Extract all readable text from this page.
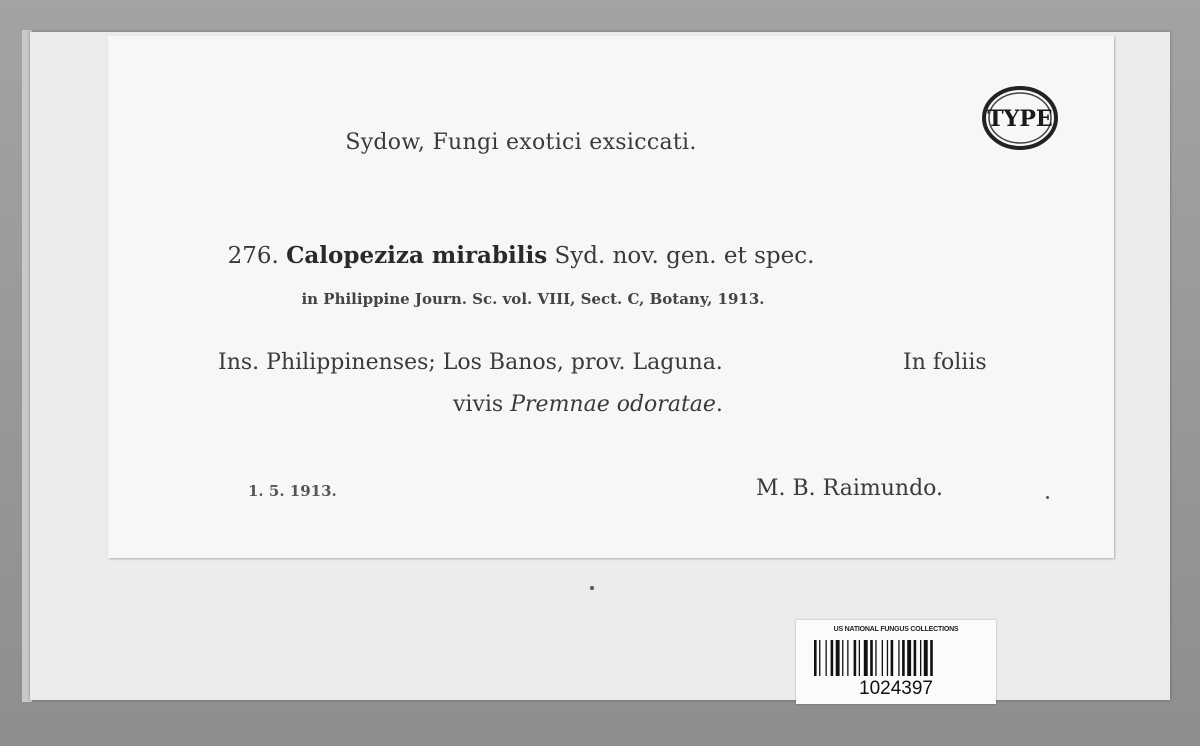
Sydow, Fungi exotici exsiccati.
276. Calopeziza mirabilis Syd. nov. gen. et spec.
in Philippine Journ. Sc. vol. VIII, Sect. C, Botany, 1913.
Ins. Philippinenses; Los Banos, prov. Laguna.	In foliis
vivis Premnae odoratae.
1. 5. 1913.	M. B. Raimundo.
TYPE
US NATIONAL FUNGUS COLLECTIONS
1024397
